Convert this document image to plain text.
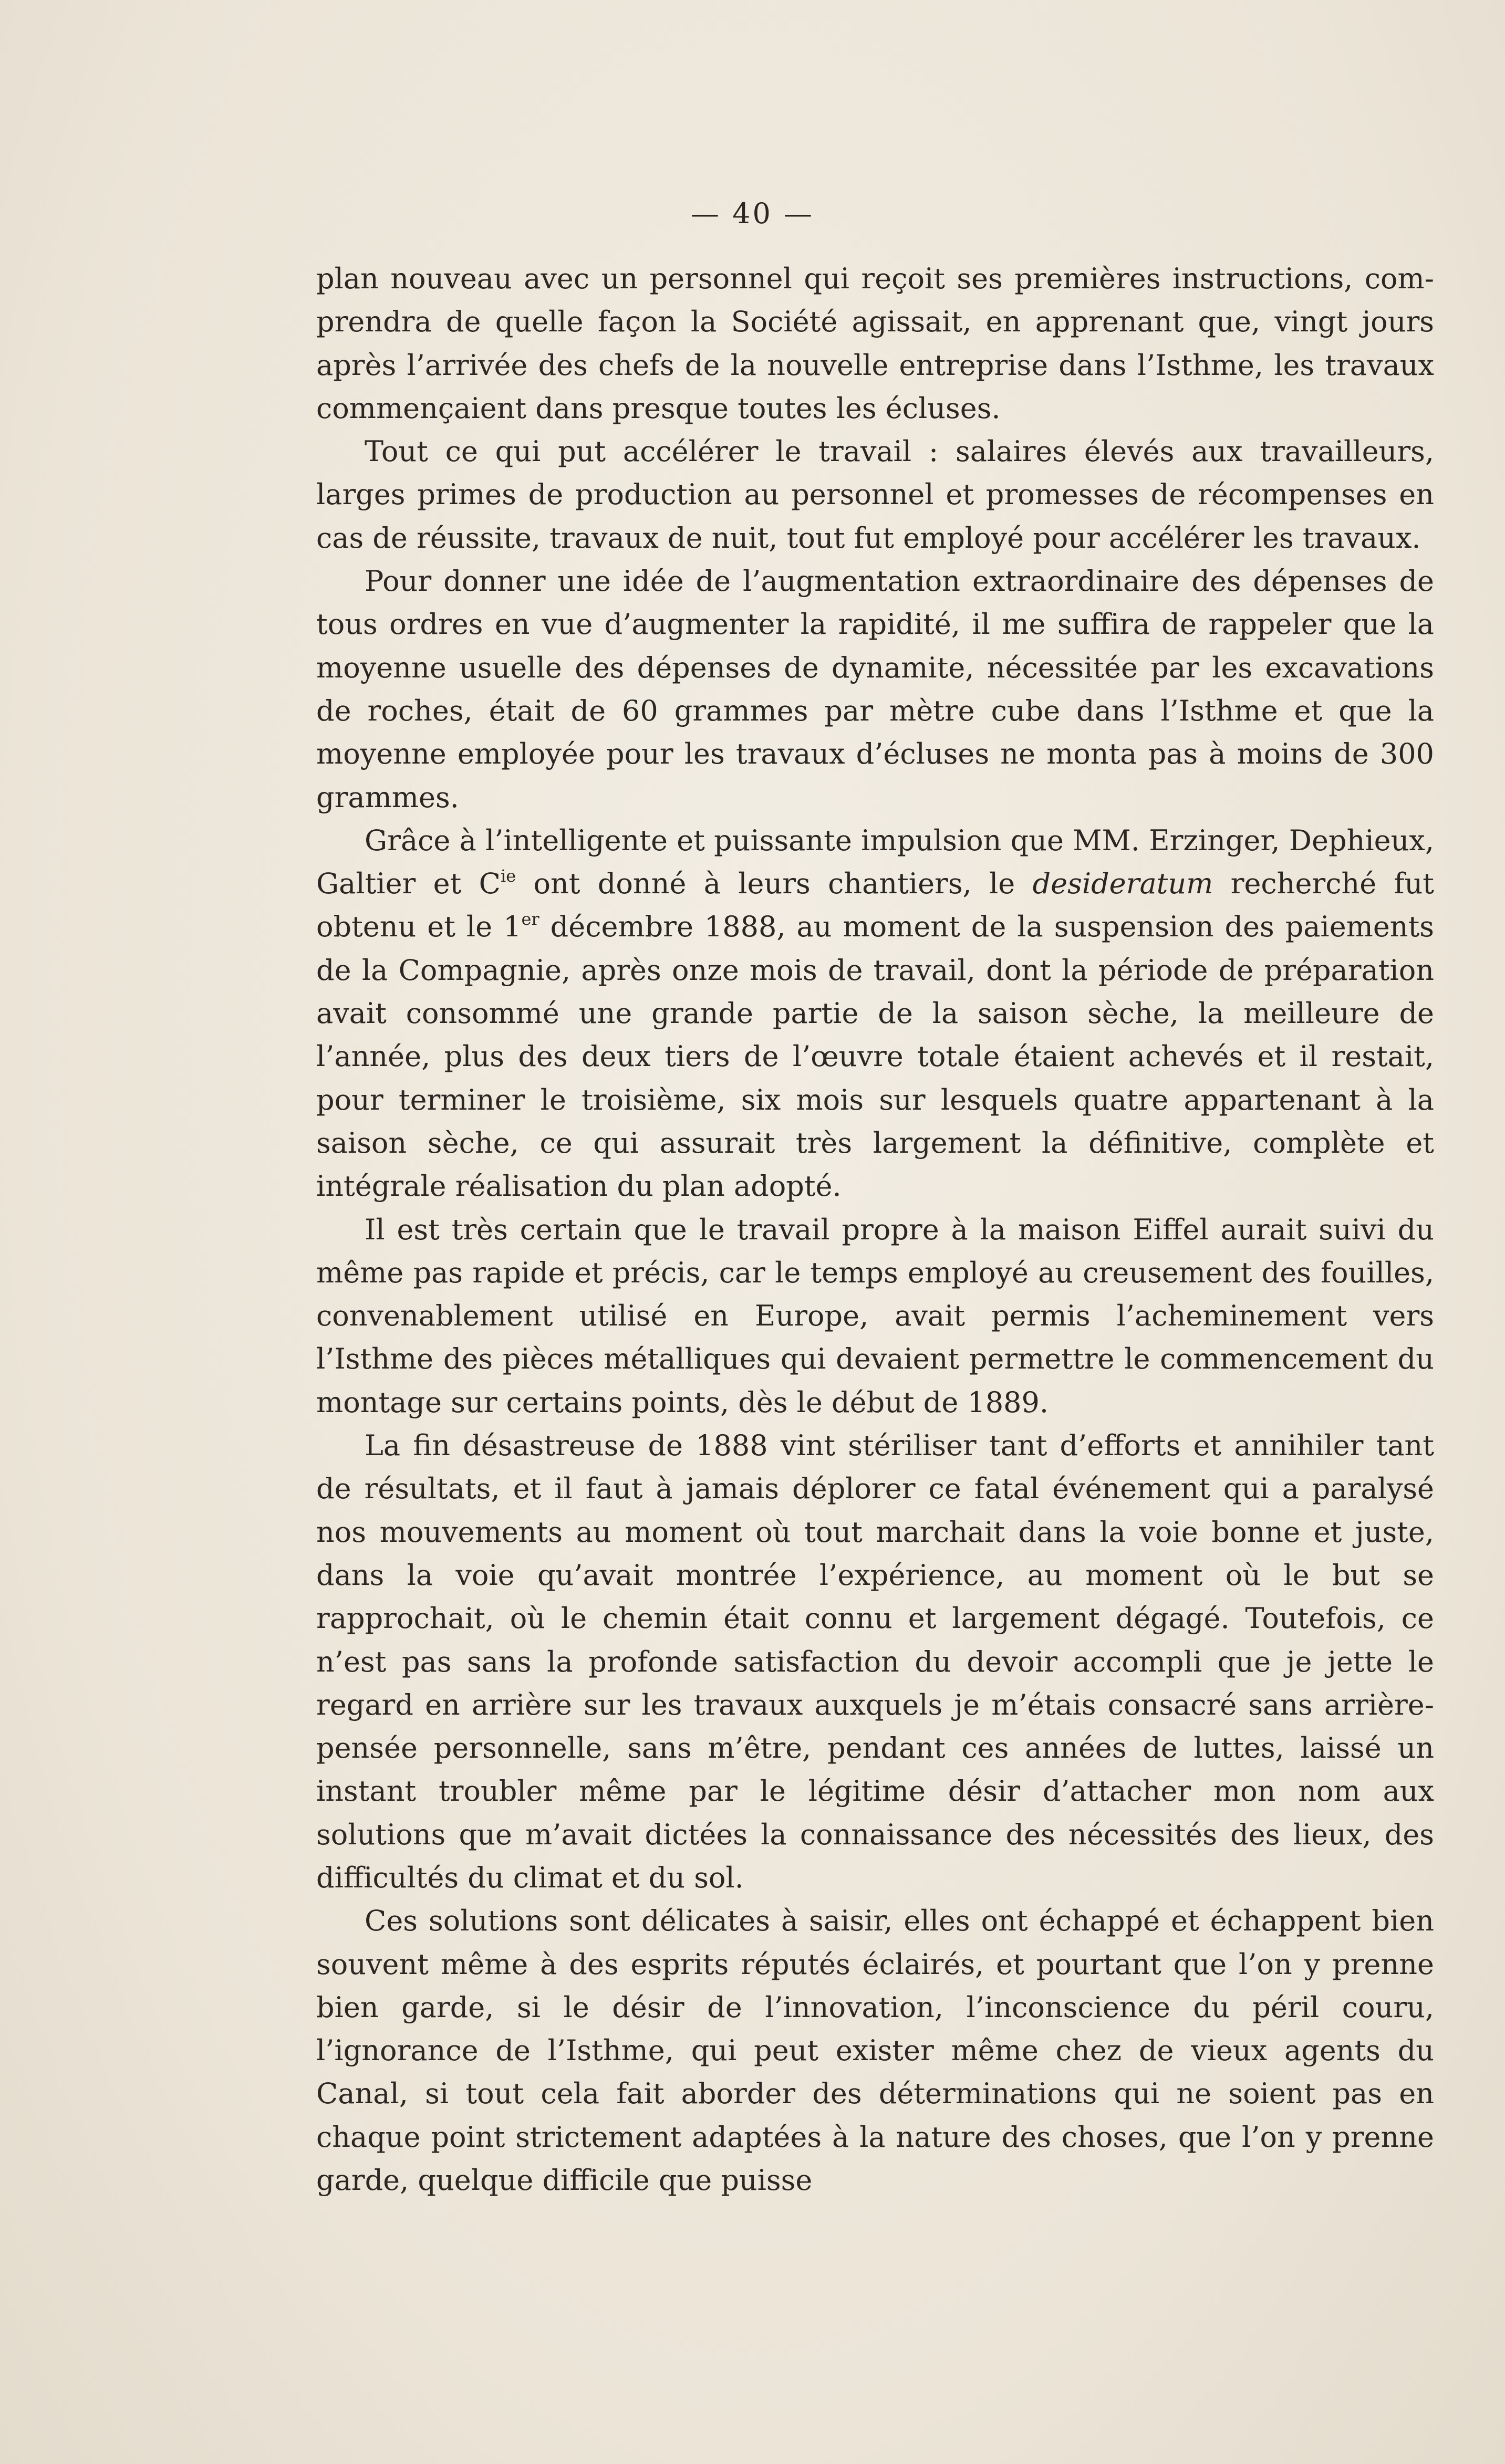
— 40 —

plan nouveau avec un personnel qui reçoit ses premières instructions, comprendra de quelle façon la Société agissait, en apprenant que, vingt jours après l’arrivée des chefs de la nouvelle entreprise dans l’Isthme, les travaux commençaient dans presque toutes les écluses.

Tout ce qui put accélérer le travail : salaires élevés aux travailleurs, larges primes de production au personnel et promesses de récompenses en cas de réussite, travaux de nuit, tout fut employé pour accélérer les travaux.

Pour donner une idée de l’augmentation extraordinaire des dépenses de tous ordres en vue d’augmenter la rapidité, il me suffira de rappeler que la moyenne usuelle des dépenses de dynamite, nécessitée par les excavations de roches, était de 60 grammes par mètre cube dans l’Isthme et que la moyenne employée pour les travaux d’écluses ne monta pas à moins de 300 grammes.

Grâce à l’intelligente et puissante impulsion que MM. Erzinger, Dephieux, Galtier et $C^{ie}$ ont donné à leurs chantiers, le desideratum recherché fut obtenu et le 1er décembre 1888, au moment de la suspension des paiements de la Compagnie, après onze mois de travail, dont la période de préparation avait consommé une grande partie de la saison sèche, la meilleure de l’année, plus des deux tiers de l’œuvre totale étaient achevés et il restait, pour terminer le troisième, six mois sur lesquels quatre appartenant à la saison sèche, ce qui assurait très largement la définitive, complète et intégrale réalisation du plan adopté.

Il est très certain que le travail propre à la maison Eiffel aurait suivi du même pas rapide et précis, car le temps employé au creusement des fouilles, convenablement utilisé en Europe, avait permis l’acheminement vers l’Isthme des pièces métalliques qui devaient permettre le commencement du montage sur certains points, dès le début de 1889.

La fin désastreuse de 1888 vint stériliser tant d’efforts et annihiler tant de résultats, et il faut à jamais déplorer ce fatal événement qui a paralysé nos mouvements au moment où tout marchait dans la voie bonne et juste, dans la voie qu’avait montrée l’expérience, au moment où le but se rapprochait, où le chemin était connu et largement dégagé. Toutefois, ce n’est pas sans la profonde satisfaction du devoir accompli que je jette le regard en arrière sur les travaux auxquels je m’étais consacré sans arrière-pensée personnelle, sans m’être, pendant ces années de luttes, laissé un instant troubler même par le légitime désir d’attacher mon nom aux solutions que m’avait dictées la connaissance des nécessités des lieux, des difficultés du climat et du sol.

Ces solutions sont délicates à saisir, elles ont échappé et échappent bien souvent même à des esprits réputés éclairés, et pourtant que l’on y prenne bien garde, si le désir de l’innovation, l’inconscience du péril couru, l’ignorance de l’Isthme, qui peut exister même chez de vieux agents du Canal, si tout cela fait aborder des déterminations qui ne soient pas en chaque point strictement adaptées à la nature des choses, que l’on y prenne garde, quelque difficile que puisse
